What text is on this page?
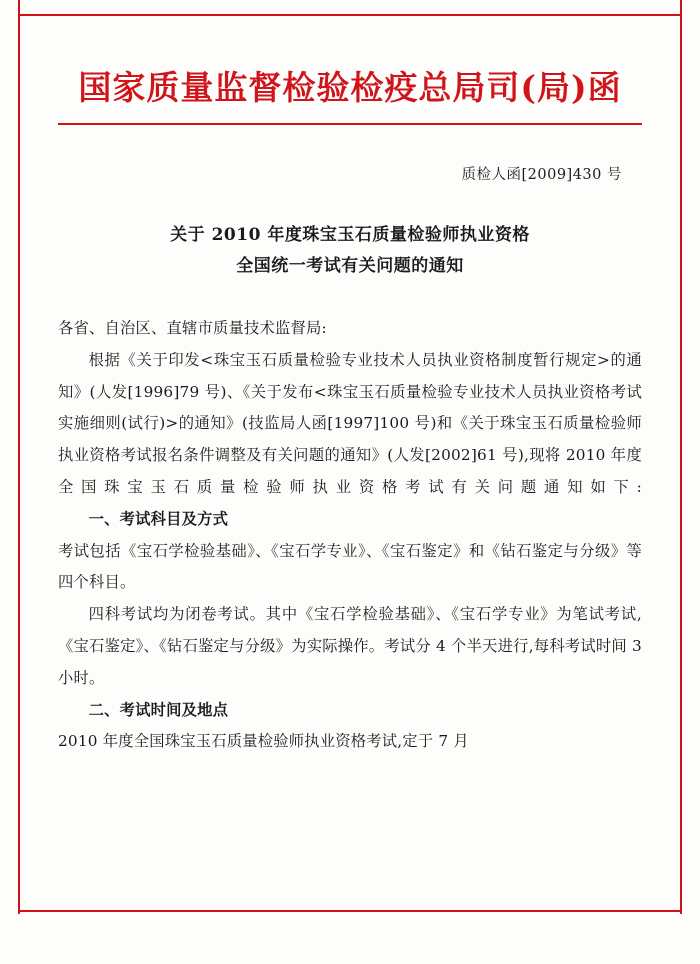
国家质量监督检验检疫总局司(局)函
质检人函[2009]430 号
关于 2010 年度珠宝玉石质量检验师执业资格
全国统一考试有关问题的通知

各省、自治区、直辖市质量技术监督局:

根据《关于印发<珠宝玉石质量检验专业技术人员执业资格制度暂行规定>的通知》(人发[1996]79 号)、《关于发布<珠宝玉石质量检验专业技术人员执业资格考试实施细则(试行)>的通知》(技监局人函[1997]100 号)和《关于珠宝玉石质量检验师执业资格考试报名条件调整及有关问题的通知》(人发[2002]61 号),现将 2010 年度全国珠宝玉石质量检验师执业资格考试有关问题通知如下:

一、考试科目及方式

考试包括《宝石学检验基础》、《宝石学专业》、《宝石鉴定》和《钻石鉴定与分级》等四个科目。

四科考试均为闭卷考试。其中《宝石学检验基础》、《宝石学专业》为笔试考试,《宝石鉴定》、《钻石鉴定与分级》为实际操作。考试分 4 个半天进行,每科考试时间 3 小时。

二、考试时间及地点

2010 年度全国珠宝玉石质量检验师执业资格考试,定于 7 月
